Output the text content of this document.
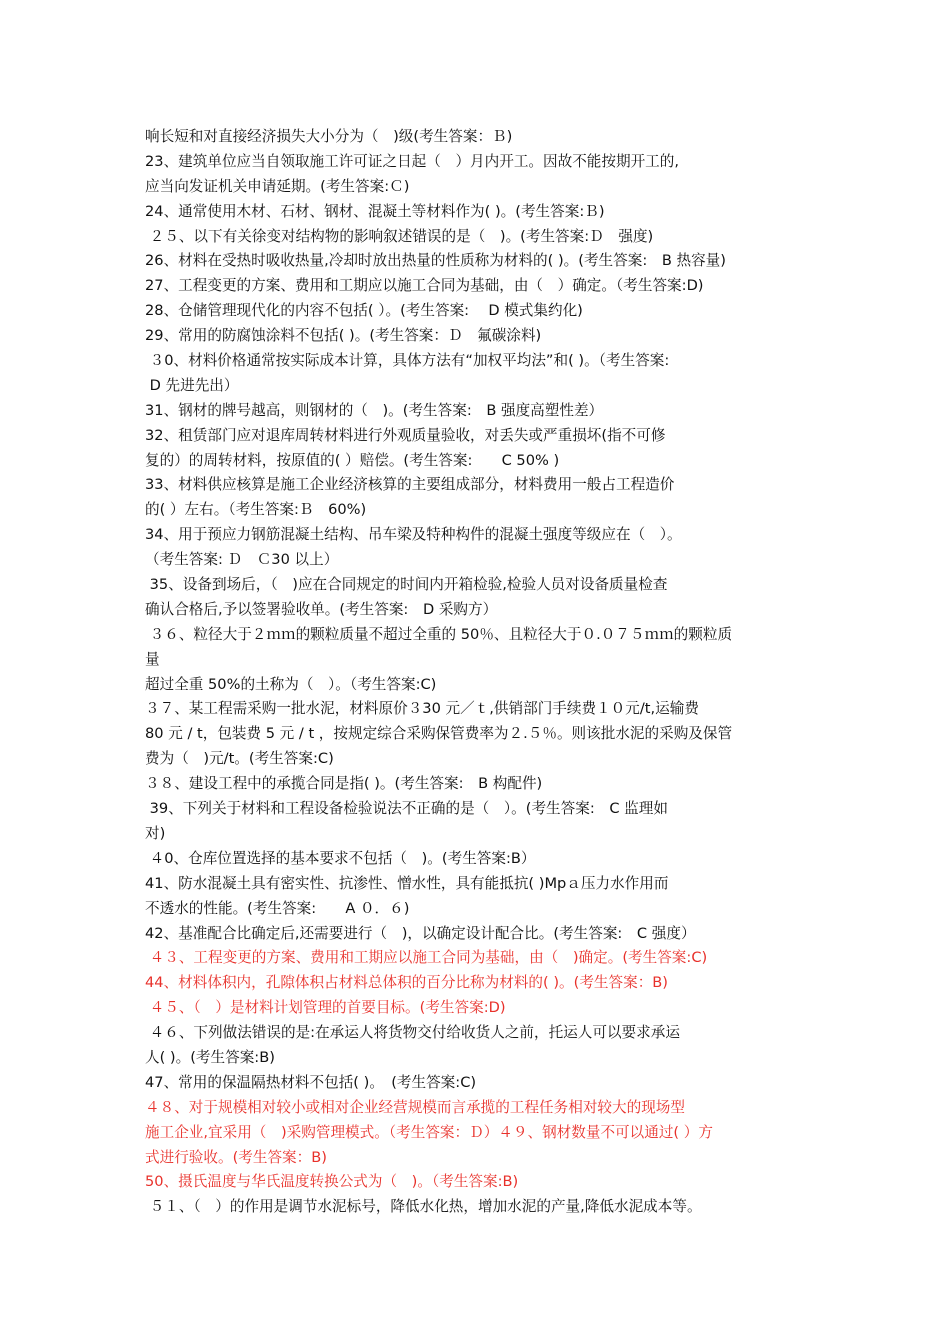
响长短和对直接经济损失大小分为（　)级(考生答案：Ｂ)
23、建筑单位应当自领取施工许可证之日起（　）月内开工。因故不能按期开工的,
应当向发证机关申请延期。(考生答案:Ｃ)
24、通常使用木材、石材、钢材、混凝土等材料作为( )。(考生答案:Ｂ)
２５、以下有关徐变对结构物的影响叙述错误的是（　)。(考生答案:Ｄ　强度)
26、材料在受热时吸收热量,冷却时放出热量的性质称为材料的( )。(考生答案:　B 热容量)
27、工程变更的方案、费用和工期应以施工合同为基础，由（　）确定。（考生答案:D)
28、仓储管理现代化的内容不包括( ）。(考生答案:　 D 模式集约化)
29、常用的防腐蚀涂料不包括( )。(考生答案：Ｄ　氟碳涂料)
３0、材料价格通常按实际成本计算，具体方法有“加权平均法”和( )。（考生答案:
D 先进先出）
31、钢材的牌号越高，则钢材的（　)。(考生答案:　B 强度高塑性差）
32、租赁部门应对退库周转材料进行外观质量验收，对丢失或严重损坏(指不可修
复的）的周转材料，按原值的( ）赔偿。(考生答案:　　C 50% )
33、材料供应核算是施工企业经济核算的主要组成部分，材料费用一般占工程造价
的( ）左右。（考生答案:Ｂ　60%)
34、用于预应力钢筋混凝土结构、吊车梁及特种构件的混凝土强度等级应在（　）。
（考生答案: Ｄ　Ｃ30 以上）
35、设备到场后，（　)应在合同规定的时间内开箱检验,检验人员对设备质量检查
确认合格后,予以签署验收单。(考生答案:　D 采购方）
３６、粒径大于２ｍｍ的颗粒质量不超过全重的 50％、且粒径大于０.０７５ｍｍ的颗粒质
量
超过全重 50%的土称为（　）。（考生答案:C)
３７、某工程需采购一批水泥，材料原价３30 元／ｔ,供销部门手续费１０元/t,运输费
80 元 / t，包装费 5 元 / t ，按规定综合采购保管费率为２.５％。则该批水泥的采购及保管
费为（　)元/t。(考生答案:C)
３８、建设工程中的承揽合同是指( )。(考生答案:　B 构配件)
39、下列关于材料和工程设备检验说法不正确的是（　）。(考生答案:　C 监理如
对)
４0、仓库位置选择的基本要求不包括（　)。(考生答案:B）
41、防水混凝土具有密实性、抗渗性、憎水性，具有能抵抗( )Mpａ压力水作用而
不透水的性能。(考生答案:　　A ０．６)
42、基准配合比确定后,还需要进行（　)，以确定设计配合比。(考生答案:　C 强度）
４３、工程变更的方案、费用和工期应以施工合同为基础，由（　)确定。(考生答案:C)
44、材料体积内，孔隙体积占材料总体积的百分比称为材料的( )。(考生答案：B)
４５、（　）是材料计划管理的首要目标。(考生答案:D)
４６、下列做法错误的是:在承运人将货物交付给收货人之前，托运人可以要求承运
人( )。(考生答案:B)
47、常用的保温隔热材料不包括( )。　(考生答案:C)
４８、对于规模相对较小或相对企业经营规模而言承揽的工程任务相对较大的现场型
施工企业,宜采用（　)采购管理模式。（考生答案：Ｄ）４９、钢材数量不可以通过( ）方
式进行验收。(考生答案：B)
50、摄氏温度与华氏温度转换公式为（　)。（考生答案:B)
５１、（　）的作用是调节水泥标号，降低水化热，增加水泥的产量,降低水泥成本等。
